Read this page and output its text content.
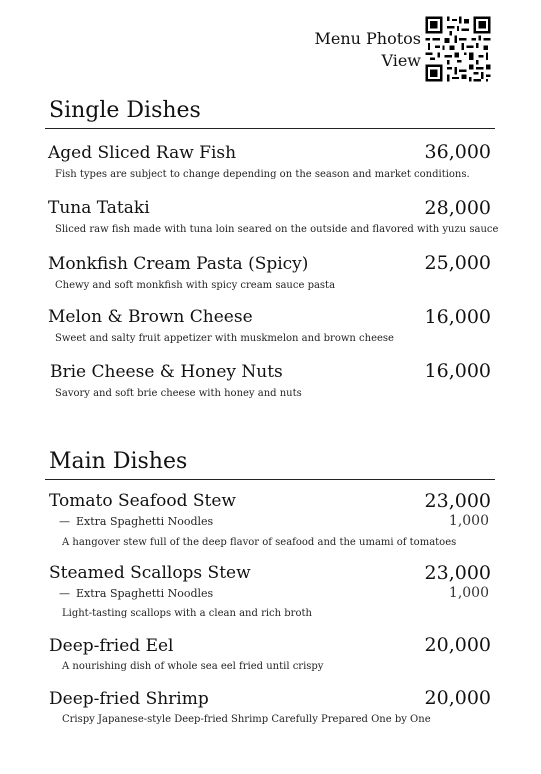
Menu Photos
View
Single Dishes
Aged Sliced Raw Fish	36,000
Fish types are subject to change depending on the season and market conditions.
Tuna Tataki	28,000
Sliced raw fish made with tuna loin seared on the outside and flavored with yuzu sauce
Monkfish Cream Pasta (Spicy)	25,000
Chewy and soft monkfish with spicy cream sauce pasta
Melon & Brown Cheese	16,000
Sweet and salty fruit appetizer with muskmelon and brown cheese
Brie Cheese & Honey Nuts	16,000
Savory and soft brie cheese with honey and nuts
Main Dishes
Tomato Seafood Stew	23,000
— Extra Spaghetti Noodles	1,000
A hangover stew full of the deep flavor of seafood and the umami of tomatoes
Steamed Scallops Stew	23,000
— Extra Spaghetti Noodles	1,000
Light-tasting scallops with a clean and rich broth
Deep-fried Eel	20,000
A nourishing dish of whole sea eel fried until crispy
Deep-fried Shrimp	20,000
Crispy Japanese-style Deep-fried Shrimp Carefully Prepared One by One
